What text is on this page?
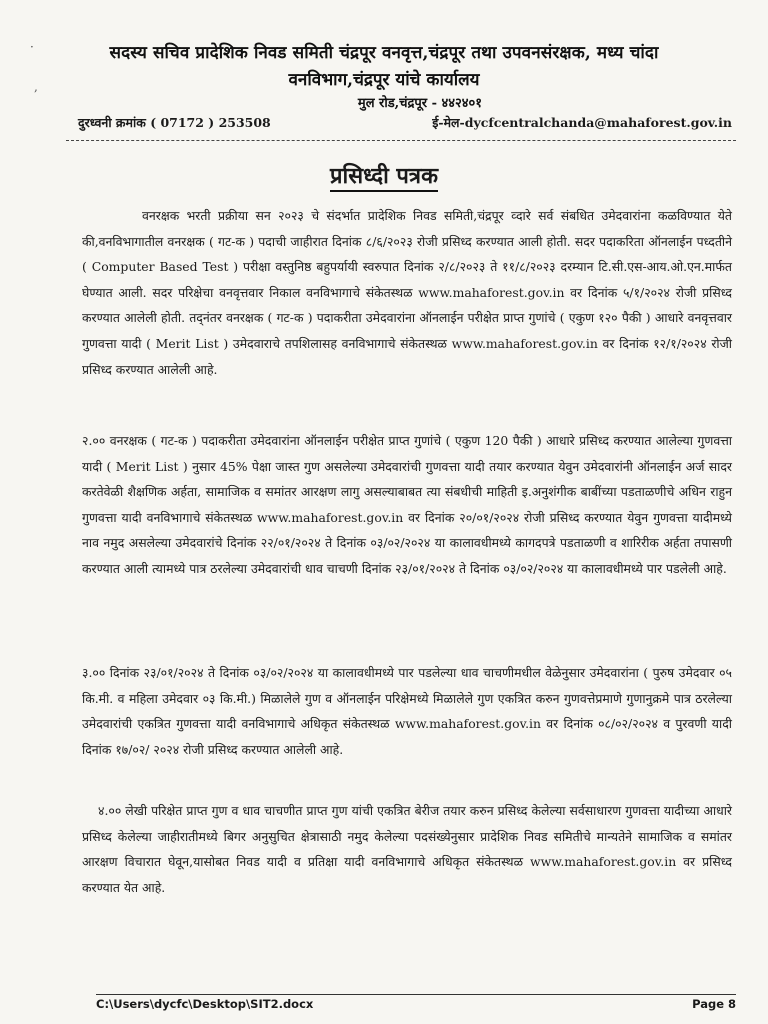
·
,
सदस्य सचिव प्रादेशिक निवड समिती चंद्रपूर वनवृत्त,चंद्रपूर तथा उपवनसंरक्षक, मध्य चांदा
वनविभाग,चंद्रपूर यांचे कार्यालय
मुल रोड,चंद्रपूर - ४४२४०१
दुरध्वनी क्रमांक ( 07172 ) 253508	ई-मेल-dycfcentralchanda@mahaforest.gov.in
प्रसिध्दी पत्रक
वनरक्षक भरती प्रक्रीया सन २०२३ चे संदर्भात प्रादेशिक निवड समिती,चंद्रपूर व्दारे सर्व संबधित उमेदवारांना कळविण्यात येते की,वनविभागातील वनरक्षक ( गट-क ) पदाची जाहीरात दिनांक ८/६/२०२३ रोजी प्रसिध्द करण्यात आली होती. सदर पदाकरिता ऑनलाईन पध्दतीने ( Computer Based Test ) परीक्षा वस्तुनिष्ठ बहुपर्यायी स्वरुपात दिनांक २/८/२०२३ ते ११/८/२०२३ दरम्यान टि.सी.एस-आय.ओ.एन.मार्फत घेण्यात आली. सदर परिक्षेचा वनवृत्तवार निकाल वनविभागाचे संकेतस्थळ www.mahaforest.gov.in वर दिनांक ५/१/२०२४ रोजी प्रसिध्द करण्यात आलेली होती. तद्नंतर वनरक्षक ( गट-क ) पदाकरीता उमेदवारांना ऑनलाईन परीक्षेत प्राप्त गुणांचे ( एकुण १२० पैकी ) आधारे वनवृत्तवार गुणवत्ता यादी ( Merit List ) उमेदवाराचे तपशिलासह वनविभागाचे संकेतस्थळ www.mahaforest.gov.in वर दिनांक १२/१/२०२४ रोजी प्रसिध्द करण्यात आलेली आहे.
२.०० वनरक्षक ( गट-क ) पदाकरीता उमेदवारांना ऑनलाईन परीक्षेत प्राप्त गुणांचे ( एकुण 120 पैकी ) आधारे प्रसिध्द करण्यात आलेल्या गुणवत्ता यादी ( Merit List ) नुसार 45% पेक्षा जास्त गुण असलेल्या उमेदवारांची गुणवत्ता यादी तयार करण्यात येवुन उमेदवारांनी ऑनलाईन अर्ज सादर करतेवेळी शैक्षणिक अर्हता, सामाजिक व समांतर आरक्षण लागु असल्याबाबत त्या संबधीची माहिती इ.अनुशंगीक बाबींच्या पडताळणीचे अधिन राहुन गुणवत्ता यादी वनविभागाचे संकेतस्थळ www.mahaforest.gov.in वर दिनांक २०/०१/२०२४ रोजी प्रसिध्द करण्यात येवुन गुणवत्ता यादीमध्ये नाव नमुद असलेल्या उमेदवारांचे दिनांक २२/०१/२०२४ ते दिनांक ०३/०२/२०२४ या कालावधीमध्ये कागदपत्रे पडताळणी व शारिरीक अर्हता तपासणी करण्यात आली त्यामध्ये पात्र ठरलेल्या उमेदवारांची धाव चाचणी दिनांक २३/०१/२०२४ ते दिनांक ०३/०२/२०२४ या कालावधीमध्ये पार पडलेली आहे.
३.०० दिनांक २३/०१/२०२४ ते दिनांक ०३/०२/२०२४ या कालावधीमध्ये पार पडलेल्या धाव चाचणीमधील वेळेनुसार उमेदवारांना ( पुरुष उमेदवार ०५ कि.मी. व महिला उमेदवार ०३ कि.मी.) मिळालेले गुण व ऑनलाईन परिक्षेमध्ये मिळालेले गुण एकत्रित करुन गुणवत्तेप्रमाणे गुणानुक्रमे पात्र ठरलेल्या उमेदवारांची एकत्रित गुणवत्ता यादी वनविभागाचे अधिकृत संकेतस्थळ www.mahaforest.gov.in वर दिनांक ०८/०२/२०२४ व पुरवणी यादी दिनांक १७/०२/ २०२४ रोजी प्रसिध्द करण्यात आलेली आहे.
४.०० लेखी परिक्षेत प्राप्त गुण व धाव चाचणीत प्राप्त गुण यांची एकत्रित बेरीज तयार करुन प्रसिध्द केलेल्या सर्वसाधारण गुणवत्ता यादीच्या आधारे प्रसिध्द केलेल्या जाहीरातीमध्ये बिगर अनुसुचित क्षेत्रासाठी नमुद केलेल्या पदसंख्येनुसार प्रादेशिक निवड समितीचे मान्यतेने सामाजिक व समांतर आरक्षण विचारात घेवून,यासोबत निवड यादी व प्रतिक्षा यादी वनविभागाचे अधिकृत संकेतस्थळ www.mahaforest.gov.in वर प्रसिध्द करण्यात येत आहे.
C:\Users\dycfc\Desktop\SIT2.docx	Page 8
